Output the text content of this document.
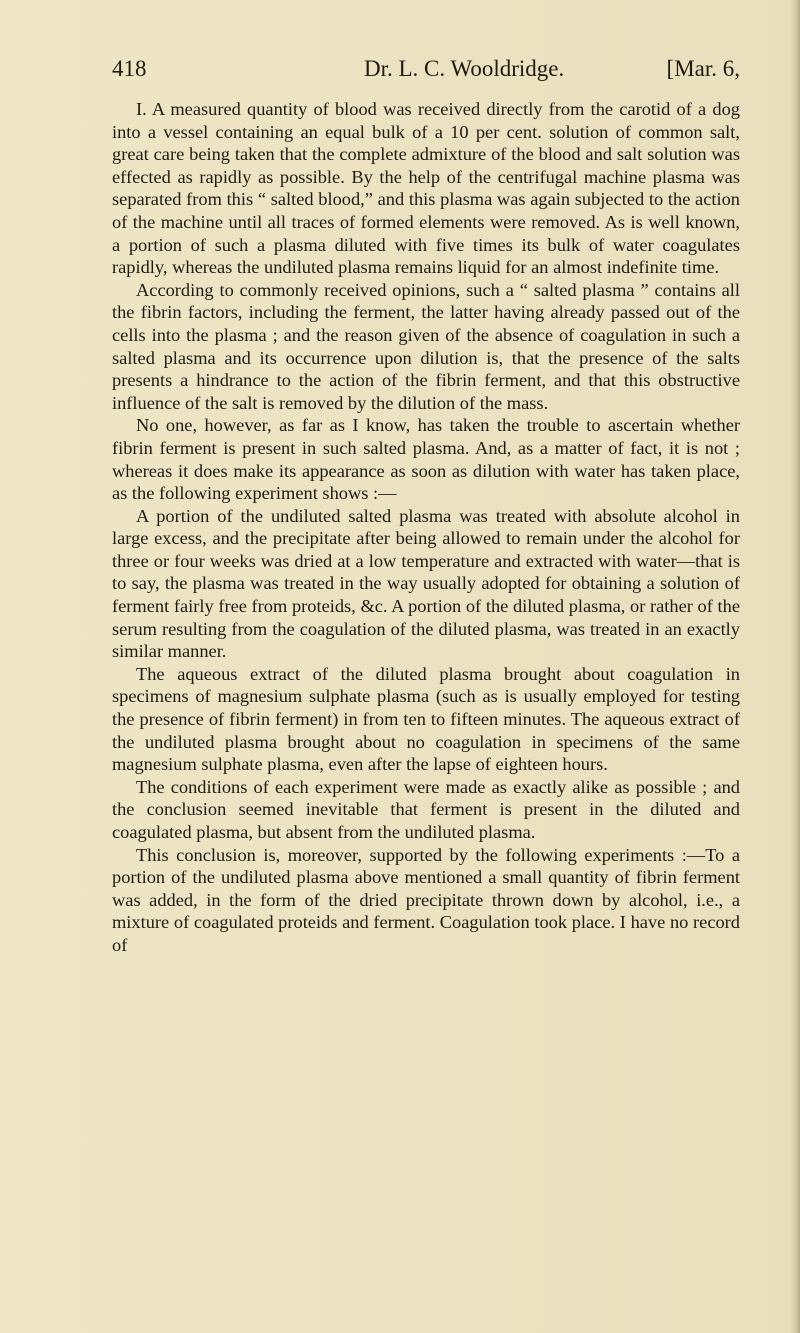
418	Dr. L. C. Wooldridge.	[Mar. 6,

I. A measured quantity of blood was received directly from the carotid of a dog into a vessel containing an equal bulk of a 10 per cent. solution of common salt, great care being taken that the complete admixture of the blood and salt solution was effected as rapidly as possible. By the help of the centrifugal machine plasma was separated from this “ salted blood,” and this plasma was again subjected to the action of the machine until all traces of formed elements were removed. As is well known, a portion of such a plasma diluted with five times its bulk of water coagulates rapidly, whereas the undiluted plasma remains liquid for an almost indefinite time.

According to commonly received opinions, such a “ salted plasma ” contains all the fibrin factors, including the ferment, the latter having already passed out of the cells into the plasma ; and the reason given of the absence of coagulation in such a salted plasma and its occurrence upon dilution is, that the presence of the salts presents a hindrance to the action of the fibrin ferment, and that this obstructive influence of the salt is removed by the dilution of the mass.

No one, however, as far as I know, has taken the trouble to ascertain whether fibrin ferment is present in such salted plasma. And, as a matter of fact, it is not ; whereas it does make its appearance as soon as dilution with water has taken place, as the following experiment shows :—

A portion of the undiluted salted plasma was treated with absolute alcohol in large excess, and the precipitate after being allowed to remain under the alcohol for three or four weeks was dried at a low temperature and extracted with water—that is to say, the plasma was treated in the way usually adopted for obtaining a solution of ferment fairly free from proteids, &c. A portion of the diluted plasma, or rather of the serum resulting from the coagulation of the diluted plasma, was treated in an exactly similar manner.

The aqueous extract of the diluted plasma brought about coagulation in specimens of magnesium sulphate plasma (such as is usually employed for testing the presence of fibrin ferment) in from ten to fifteen minutes. The aqueous extract of the undiluted plasma brought about no coagulation in specimens of the same magnesium sulphate plasma, even after the lapse of eighteen hours.

The conditions of each experiment were made as exactly alike as possible ; and the conclusion seemed inevitable that ferment is present in the diluted and coagulated plasma, but absent from the undiluted plasma.

This conclusion is, moreover, supported by the following experiments :—To a portion of the undiluted plasma above mentioned a small quantity of fibrin ferment was added, in the form of the dried precipitate thrown down by alcohol, i.e., a mixture of coagulated proteids and ferment. Coagulation took place. I have no record of
